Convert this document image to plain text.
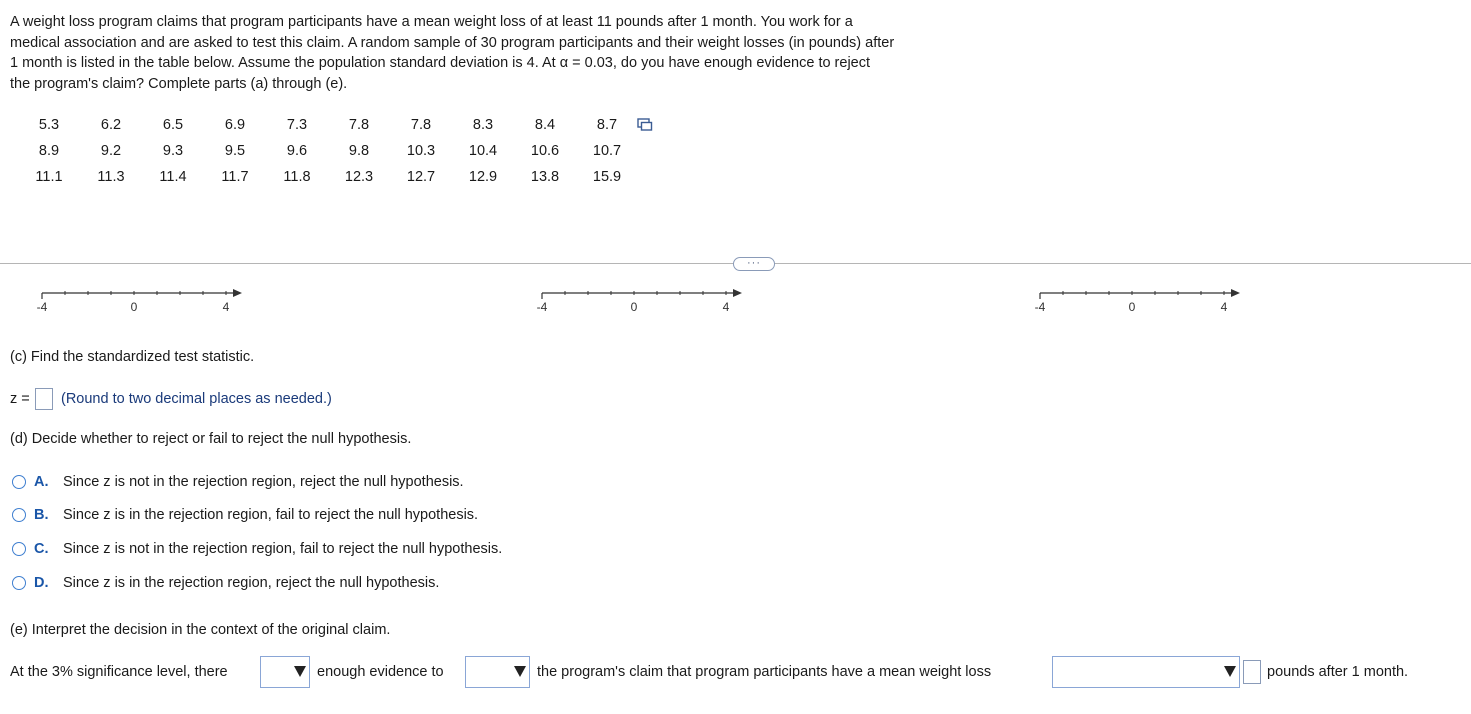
A weight loss program claims that program participants have a mean weight loss of at least 11 pounds after 1 month. You work for a

medical association and are asked to test this claim. A random sample of 30 program participants and their weight losses (in pounds) after

1 month is listed in the table below. Assume the population standard deviation is 4. At α = 0.03, do you have enough evidence to reject

the program's claim? Complete parts (a) through (e).

5.3	6.2	6.5	6.9	7.3	7.8	7.8	8.3	8.4	8.7
8.9	9.2	9.3	9.5	9.6	9.8	10.3	10.4	10.6	10.7
11.1	11.3	11.4	11.7	11.8	12.3	12.7	12.9	13.8	15.9
···
-4	0	4	-4	0	4	-4	0	4
(c) Find the standardized test statistic.
z = (Round to two decimal places as needed.)
(d) Decide whether to reject or fail to reject the null hypothesis.
A.	Since z is not in the rejection region, reject the null hypothesis.
B.	Since z is in the rejection region, fail to reject the null hypothesis.
C.	Since z is not in the rejection region, fail to reject the null hypothesis.
D.	Since z is in the rejection region, reject the null hypothesis.
(e) Interpret the decision in the context of the original claim.
At the 3% significance level, there	enough evidence to	the program's claim that program participants have a mean weight loss	pounds after 1 month.
